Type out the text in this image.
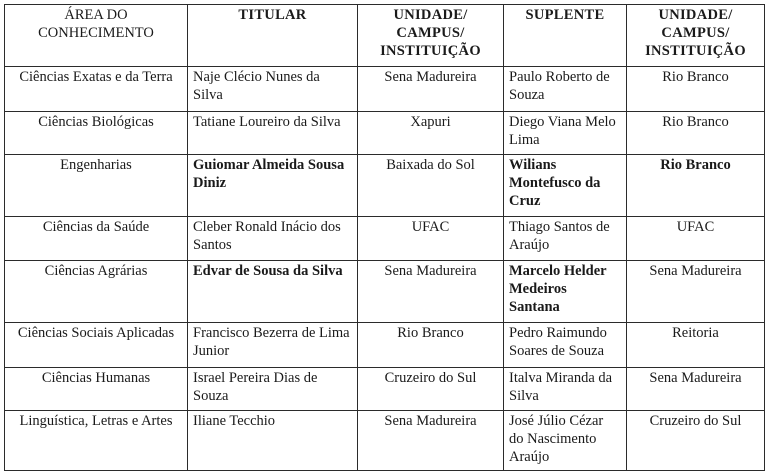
ÁREA DO CONHECIMENTO	TITULAR	UNIDADE/ CAMPUS/ INSTITUIÇÃO	SUPLENTE	UNIDADE/ CAMPUS/ INSTITUIÇÃO
Ciências Exatas e da Terra	Naje Clécio Nunes da Silva	Sena Madureira	Paulo Roberto de Souza	Rio Branco
Ciências Biológicas	Tatiane Loureiro da Silva	Xapuri	Diego Viana Melo Lima	Rio Branco
Engenharias	Guiomar Almeida Sousa Diniz	Baixada do Sol	Wilians Montefusco da Cruz	Rio Branco
Ciências da Saúde	Cleber Ronald Inácio dos Santos	UFAC	Thiago Santos de Araújo	UFAC
Ciências Agrárias	Edvar de Sousa da Silva	Sena Madureira	Marcelo Helder Medeiros Santana	Sena Madureira
Ciências Sociais Aplicadas	Francisco Bezerra de Lima Junior	Rio Branco	Pedro Raimundo Soares de Souza	Reitoria
Ciências Humanas	Israel Pereira Dias de Souza	Cruzeiro do Sul	Italva Miranda da Silva	Sena Madureira
Linguística, Letras e Artes	Iliane Tecchio	Sena Madureira	José Júlio Cézar do Nascimento Araújo	Cruzeiro do Sul
